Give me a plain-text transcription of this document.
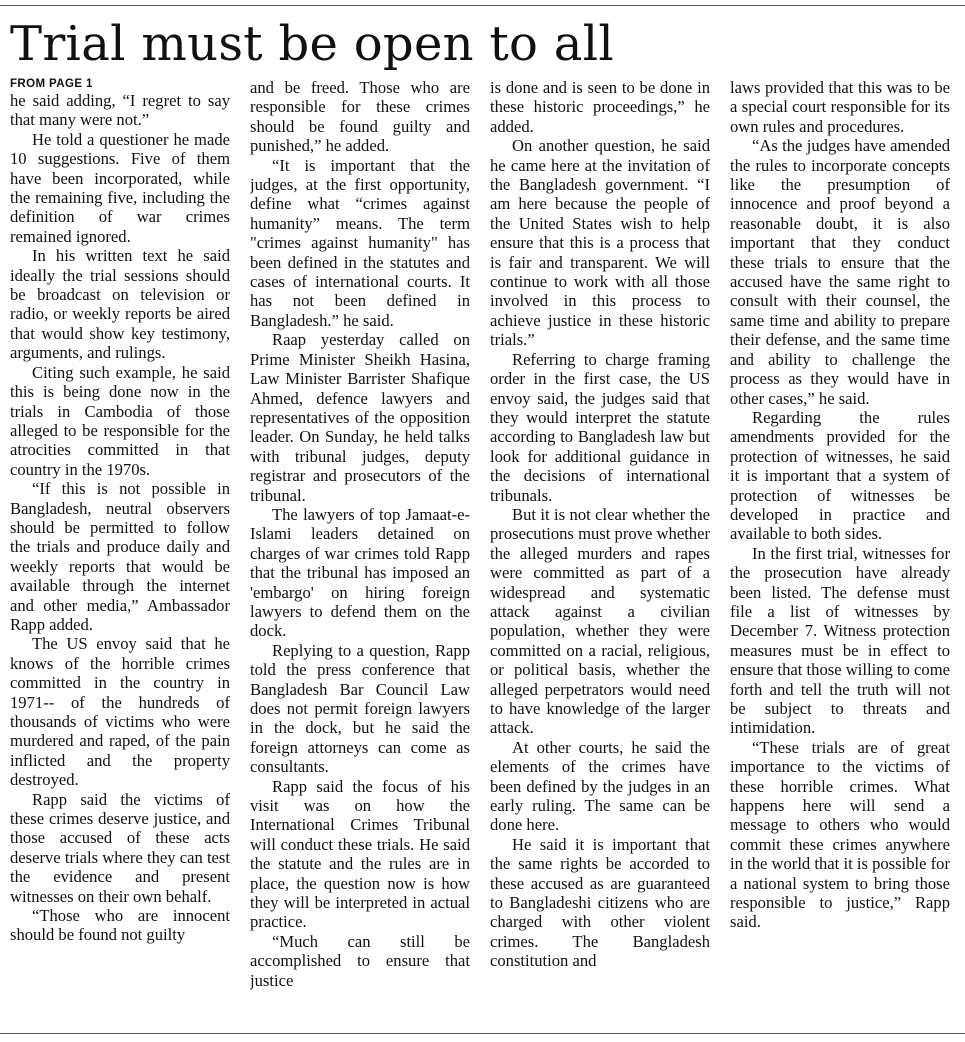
Trial must be open to all
FROM PAGE 1

he said adding, “I regret to say that many were not.”

He told a questioner he made 10 suggestions. Five of them have been incorporated, while the remaining five, including the definition of war crimes remained ignored.

In his written text he said ideally the trial sessions should be broadcast on television or radio, or weekly reports be aired that would show key testimony, arguments, and rulings.

Citing such example, he said this is being done now in the trials in Cambodia of those alleged to be responsible for the atrocities committed in that country in the 1970s.

“If this is not possible in Bangladesh, neutral observers should be permitted to follow the trials and produce daily and weekly reports that would be available through the internet and other media,” Ambassador Rapp added.

The US envoy said that he knows of the horrible crimes committed in the country in 1971-- of the hundreds of thousands of victims who were murdered and raped, of the pain inflicted and the property destroyed.

Rapp said the victims of these crimes deserve justice, and those accused of these acts deserve trials where they can test the evidence and present witnesses on their own behalf.

“Those who are innocent should be found not guilty

and be freed. Those who are responsible for these crimes should be found guilty and punished,” he added.

“It is important that the judges, at the first opportunity, define what “crimes against humanity” means. The term "crimes against humanity" has been defined in the statutes and cases of international courts. It has not been defined in Bangladesh.” he said.

Raap yesterday called on Prime Minister Sheikh Hasina, Law Minister Barrister Shafique Ahmed, defence lawyers and representatives of the opposition leader. On Sunday, he held talks with tribunal judges, deputy registrar and prosecutors of the tribunal.

The lawyers of top Jamaat-e-Islami leaders detained on charges of war crimes told Rapp that the tribunal has imposed an 'embargo' on hiring foreign lawyers to defend them on the dock.

Replying to a question, Rapp told the press conference that Bangladesh Bar Council Law does not permit foreign lawyers in the dock, but he said the foreign attorneys can come as consultants.

Rapp said the focus of his visit was on how the International Crimes Tribunal will conduct these trials. He said the statute and the rules are in place, the question now is how they will be interpreted in actual practice.

“Much can still be accomplished to ensure that justice

is done and is seen to be done in these historic proceedings,” he added.

On another question, he said he came here at the invitation of the Bangladesh government. “I am here because the people of the United States wish to help ensure that this is a process that is fair and transparent. We will continue to work with all those involved in this process to achieve justice in these historic trials.”

Referring to charge framing order in the first case, the US envoy said, the judges said that they would interpret the statute according to Bangladesh law but look for additional guidance in the decisions of international tribunals.

But it is not clear whether the prosecutions must prove whether the alleged murders and rapes were committed as part of a widespread and systematic attack against a civilian population, whether they were committed on a racial, religious, or political basis, whether the alleged perpetrators would need to have knowledge of the larger attack.

At other courts, he said the elements of the crimes have been defined by the judges in an early ruling. The same can be done here.

He said it is important that the same rights be accorded to these accused as are guaranteed to Bangladeshi citizens who are charged with other violent crimes. The Bangladesh constitution and

laws provided that this was to be a special court responsible for its own rules and procedures.

“As the judges have amended the rules to incorporate concepts like the presumption of innocence and proof beyond a reasonable doubt, it is also important that they conduct these trials to ensure that the accused have the same right to consult with their counsel, the same time and ability to prepare their defense, and the same time and ability to challenge the process as they would have in other cases,” he said.

Regarding the rules amendments provided for the protection of witnesses, he said it is important that a system of protection of witnesses be developed in practice and available to both sides.

In the first trial, witnesses for the prosecution have already been listed. The defense must file a list of witnesses by December 7. Witness protection measures must be in effect to ensure that those willing to come forth and tell the truth will not be subject to threats and intimidation.

“These trials are of great importance to the victims of these horrible crimes. What happens here will send a message to others who would commit these crimes anywhere in the world that it is possible for a national system to bring those responsible to justice,” Rapp said.
